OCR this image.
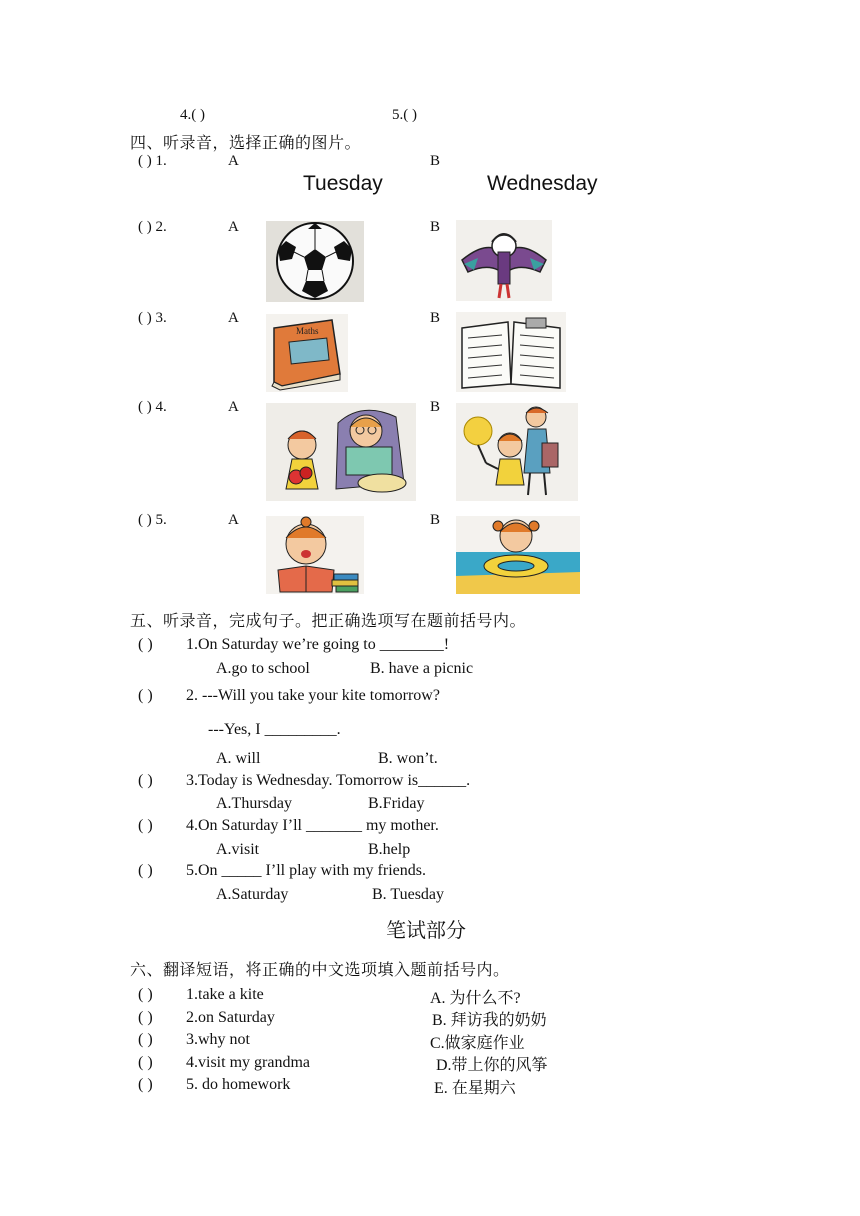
4.( )	5.( )
四、听录音，选择正确的图片。
( ) 1.	A	B
Tuesday	Wednesday
( ) 2.	A	B
( ) 3.	A	B
Maths
( ) 4.	A	B
( ) 5.	A	B
五、听录音，完成句子。把正确选项写在题前括号内。
( ) 1.On Saturday we’re going to ________!
A.go to school	B. have a picnic
( ) 2. ---Will you take your kite tomorrow?
---Yes, I _________.
A. will	B. won’t.
( ) 3.Today is Wednesday. Tomorrow is______.
A.Thursday	B.Friday
( ) 4.On Saturday I’ll _______ my mother.
A.visit	B.help
( ) 5.On _____ I’ll play with my friends.
A.Saturday	B. Tuesday
笔试部分
六、翻译短语，将正确的中文选项填入题前括号内。
( ) 1.take a kite	A. 为什么不?
( ) 2.on Saturday	B. 拜访我的奶奶
( ) 3.why not	C.做家庭作业
( ) 4.visit my grandma	D.带上你的风筝
( ) 5. do homework	E. 在星期六
